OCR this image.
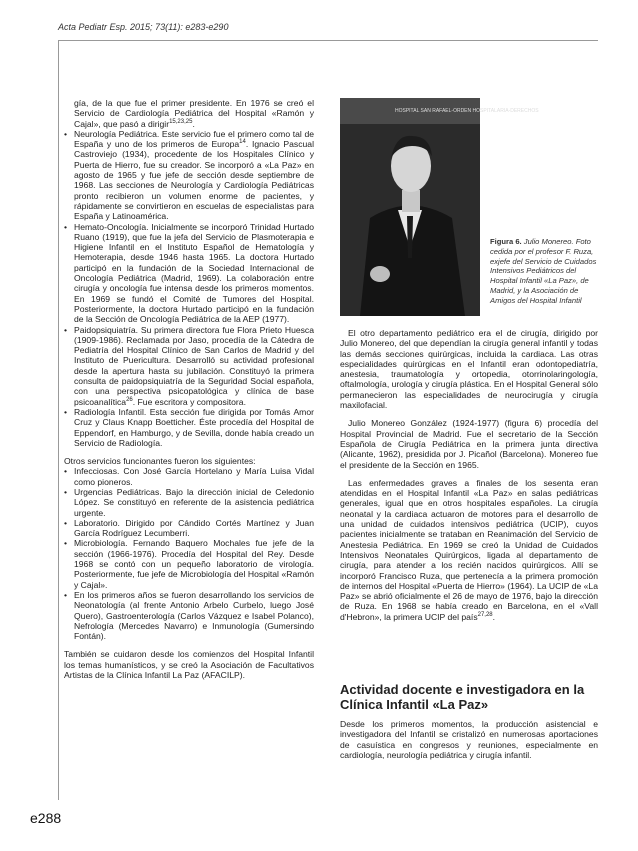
Acta Pediatr Esp. 2015; 73(11): e283-e290

gía, de la que fue el primer presidente. En 1976 se creó el Servicio de Cardiología Pediátrica del Hospital «Ramón y Cajal», que pasó a dirigir$^{15,23,25}$.

• Neurología Pediátrica. Este servicio fue el primero como tal de España y uno de los primeros de Europa$^{14}$. Ignacio Pascual Castroviejo (1934), procedente de los Hospitales Clínico y Puerta de Hierro, fue su creador. Se incorporó a «La Paz» en agosto de 1965 y fue jefe de sección desde septiembre de 1968. Las secciones de Neurología y Cardiología Pediátricas pronto recibieron un volumen enorme de pacientes, y rápidamente se convirtieron en escuelas de especialistas para España y Latinoamérica.
• Hemato-Oncología. Inicialmente se incorporó Trinidad Hurtado Ruano (1919), que fue la jefa del Servicio de Plasmoterapia e Higiene Infantil en el Instituto Español de Hematología y Hemoterapia, desde 1946 hasta 1965. La doctora Hurtado participó en la fundación de la Sociedad Internacional de Oncología Pediátrica (Madrid, 1969). La colaboración entre cirugía y oncología fue intensa desde los primeros momentos. En 1969 se fundó el Comité de Tumores del Hospital. Posteriormente, la doctora Hurtado participó en la fundación de la Sección de Oncología Pediátrica de la AEP (1977).
• Paidopsiquiatría. Su primera directora fue Flora Prieto Huesca (1909-1986). Reclamada por Jaso, procedía de la Cátedra de Pediatría del Hospital Clínico de San Carlos de Madrid y del Instituto de Puericultura. Desarrolló su actividad profesional desde la apertura hasta su jubilación. Constituyó la primera consulta de paidopsiquiatría de la Seguridad Social española, con una perspectiva psicopatológica y clínica de base psicoanalítica$^{26}$. Fue escritora y compositora.
• Radiología Infantil. Esta sección fue dirigida por Tomás Amor Cruz y Claus Knapp Boetticher. Éste procedía del Hospital de Eppendorf, en Hamburgo, y de Sevilla, donde había creado un Servicio de Radiología.

Otros servicios funcionantes fueron los siguientes:

• Infecciosas. Con José García Hortelano y María Luisa Vidal como pioneros.
• Urgencias Pediátricas. Bajo la dirección inicial de Celedonio López. Se constituyó en referente de la asistencia pediátrica urgente.
• Laboratorio. Dirigido por Cándido Cortés Martínez y Juan García Rodríguez Lecumberri.
• Microbiología. Fernando Baquero Mochales fue jefe de la sección (1966-1976). Procedía del Hospital del Rey. Desde 1968 se contó con un pequeño laboratorio de virología. Posteriormente, fue jefe de Microbiología del Hospital «Ramón y Cajal».
• En los primeros años se fueron desarrollando los servicios de Neonatología (al frente Antonio Arbelo Curbelo, luego José Quero), Gastroenterología (Carlos Vázquez e Isabel Polanco), Nefrología (Mercedes Navarro) e Inmunología (Gumersindo Fontán).

También se cuidaron desde los comienzos del Hospital Infantil los temas humanísticos, y se creó la Asociación de Facultativos Artistas de la Clínica Infantil La Paz (AFACILP).

HOSPITAL SAN RAFAEL-ORDEN HOSPITALARIA-DERECHOS
Figura 6. Julio Monereo. Foto cedida por el profesor F. Ruza, exjefe del Servicio de Cuidados Intensivos Pediátricos del Hospital Infantil «La Paz», de Madrid, y la Asociación de Amigos del Hospital Infantil

El otro departamento pediátrico era el de cirugía, dirigido por Julio Monereo, del que dependían la cirugía general infantil y todas las demás secciones quirúrgicas, incluida la cardiaca. Las otras especialidades quirúrgicas en el Infantil eran odontopediatría, anestesia, traumatología y ortopedia, otorrinolaringología, oftalmología, urología y cirugía plástica. En el Hospital General sólo permanecieron las especialidades de neurocirugía y cirugía maxilofacial.

Julio Monereo González (1924-1977) (figura 6) procedía del Hospital Provincial de Madrid. Fue el secretario de la Sección Española de Cirugía Pediátrica en la primera junta directiva (Alicante, 1962), presidida por J. Picañol (Barcelona). Monereo fue el presidente de la Sección en 1965.

Las enfermedades graves a finales de los sesenta eran atendidas en el Hospital Infantil «La Paz» en salas pediátricas generales, igual que en otros hospitales españoles. La cirugía neonatal y la cardiaca actuaron de motores para el desarrollo de una unidad de cuidados intensivos pediátrica (UCIP), cuyos pacientes inicialmente se trataban en Reanimación del Servicio de Anestesia Pediátrica. En 1969 se creó la Unidad de Cuidados Intensivos Neonatales Quirúrgicos, ligada al departamento de cirugía, para atender a los recién nacidos quirúrgicos. Allí se incorporó Francisco Ruza, que pertenecía a la primera promoción de internos del Hospital «Puerta de Hierro» (1964). La UCIP de «La Paz» se abrió oficialmente el 26 de mayo de 1976, bajo la dirección de Ruza. En 1968 se había creado en Barcelona, en el «Vall d'Hebron», la primera UCIP del país$^{27,28}$.

Actividad docente e investigadora en la Clínica Infantil «La Paz»

Desde los primeros momentos, la producción asistencial e investigadora del Infantil se cristalizó en numerosas aportaciones de casuística en congresos y reuniones, especialmente en cardiología, neurología pediátrica y cirugía infantil.

e288
